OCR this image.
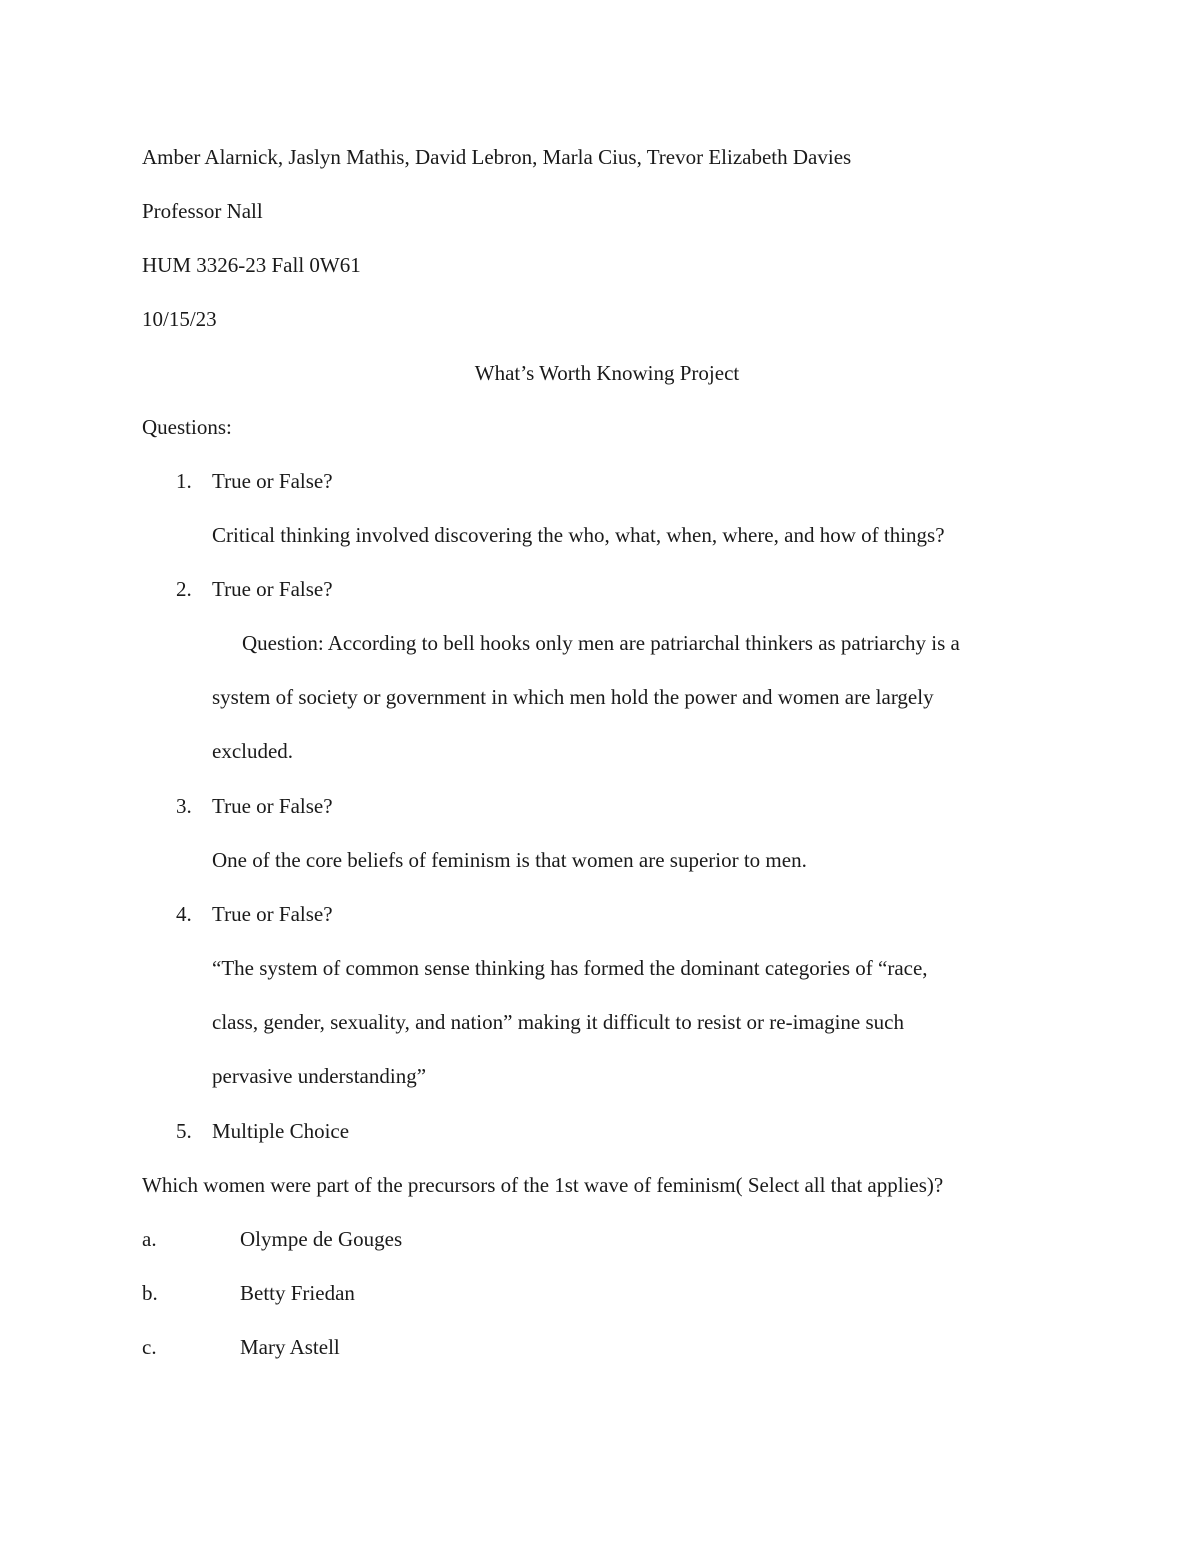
Amber Alarnick, Jaslyn Mathis, David Lebron, Marla Cius, Trevor Elizabeth Davies
Professor Nall
HUM 3326-23 Fall 0W61
10/15/23
What’s Worth Knowing Project
Questions:
1. True or False?
Critical thinking involved discovering the who, what, when, where, and how of things?
2. True or False?
Question: According to bell hooks only men are patriarchal thinkers as patriarchy is a
system of society or government in which men hold the power and women are largely
excluded.
3. True or False?
One of the core beliefs of feminism is that women are superior to men.
4. True or False?
“The system of common sense thinking has formed the dominant categories of “race,
class, gender, sexuality, and nation” making it difficult to resist or re-imagine such
pervasive understanding”
5. Multiple Choice
Which women were part of the precursors of the 1st wave of feminism( Select all that applies)?
a.	Olympe de Gouges
b.	Betty Friedan
c.	Mary Astell
